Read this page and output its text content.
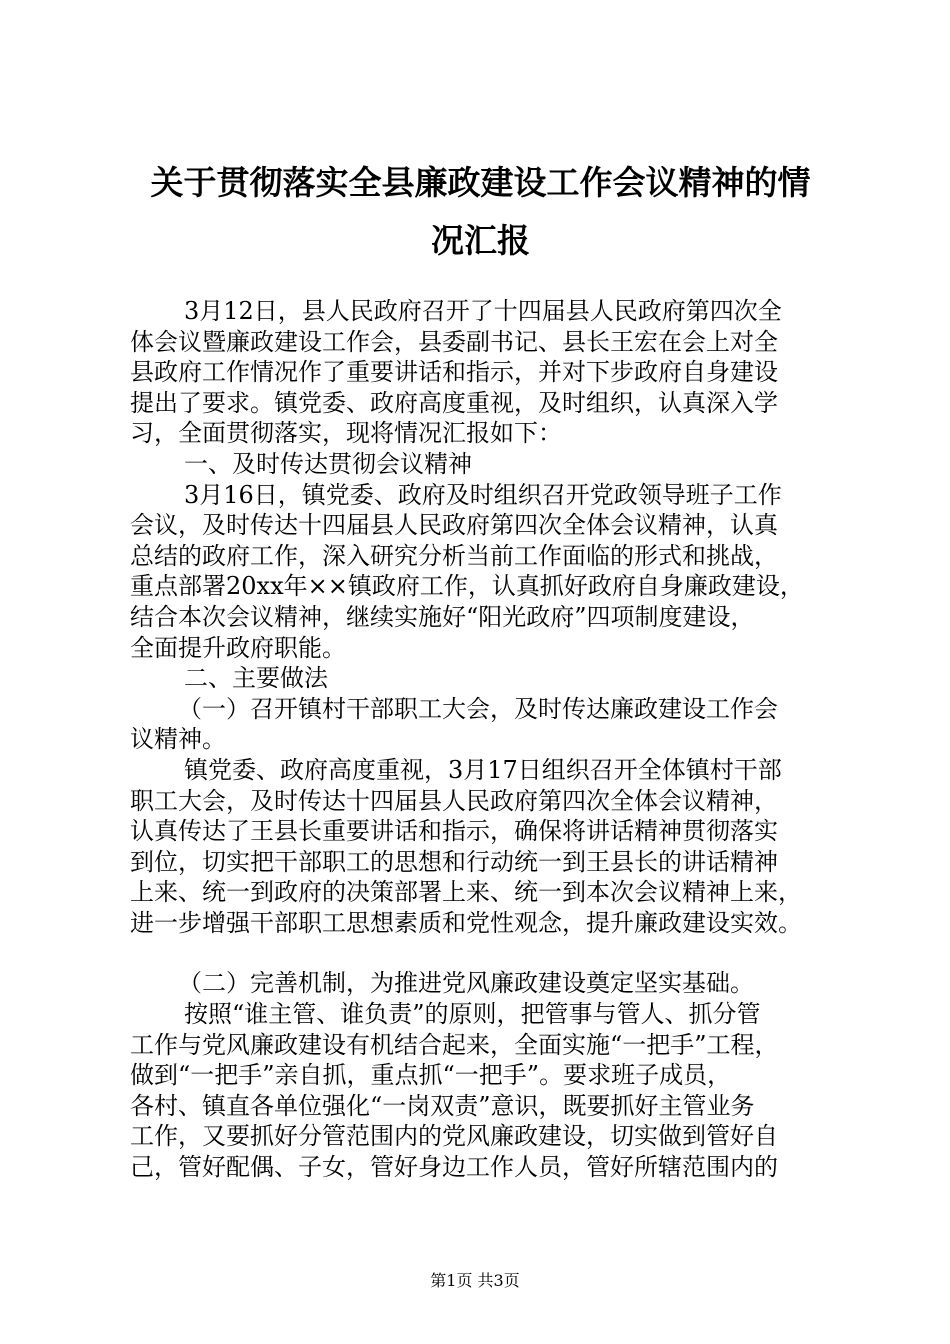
关于贯彻落实全县廉政建设工作会议精神的情
况汇报
3月12日，县人民政府召开了十四届县人民政府第四次全
体会议暨廉政建设工作会，县委副书记、县长王宏在会上对全
县政府工作情况作了重要讲话和指示，并对下步政府自身建设
提出了要求。镇党委、政府高度重视，及时组织，认真深入学
习，全面贯彻落实，现将情况汇报如下：
一、及时传达贯彻会议精神
3月16日，镇党委、政府及时组织召开党政领导班子工作
会议，及时传达十四届县人民政府第四次全体会议精神，认真
总结的政府工作，深入研究分析当前工作面临的形式和挑战，
重点部署20xx年××镇政府工作，认真抓好政府自身廉政建设，
结合本次会议精神，继续实施好“阳光政府”四项制度建设，
全面提升政府职能。
二、主要做法
（一）召开镇村干部职工大会，及时传达廉政建设工作会
议精神。
镇党委、政府高度重视，3月17日组织召开全体镇村干部
职工大会，及时传达十四届县人民政府第四次全体会议精神，
认真传达了王县长重要讲话和指示，确保将讲话精神贯彻落实
到位，切实把干部职工的思想和行动统一到王县长的讲话精神
上来、统一到政府的决策部署上来、统一到本次会议精神上来，
进一步增强干部职工思想素质和党性观念，提升廉政建设实效。
（二）完善机制，为推进党风廉政建设奠定坚实基础。
按照“谁主管、谁负责”的原则，把管事与管人、抓分管
工作与党风廉政建设有机结合起来，全面实施“一把手”工程，
做到“一把手”亲自抓，重点抓“一把手”。要求班子成员，
各村、镇直各单位强化“一岗双责”意识，既要抓好主管业务
工作，又要抓好分管范围内的党风廉政建设，切实做到管好自
己，管好配偶、子女，管好身边工作人员，管好所辖范围内的
第1页 共3页
